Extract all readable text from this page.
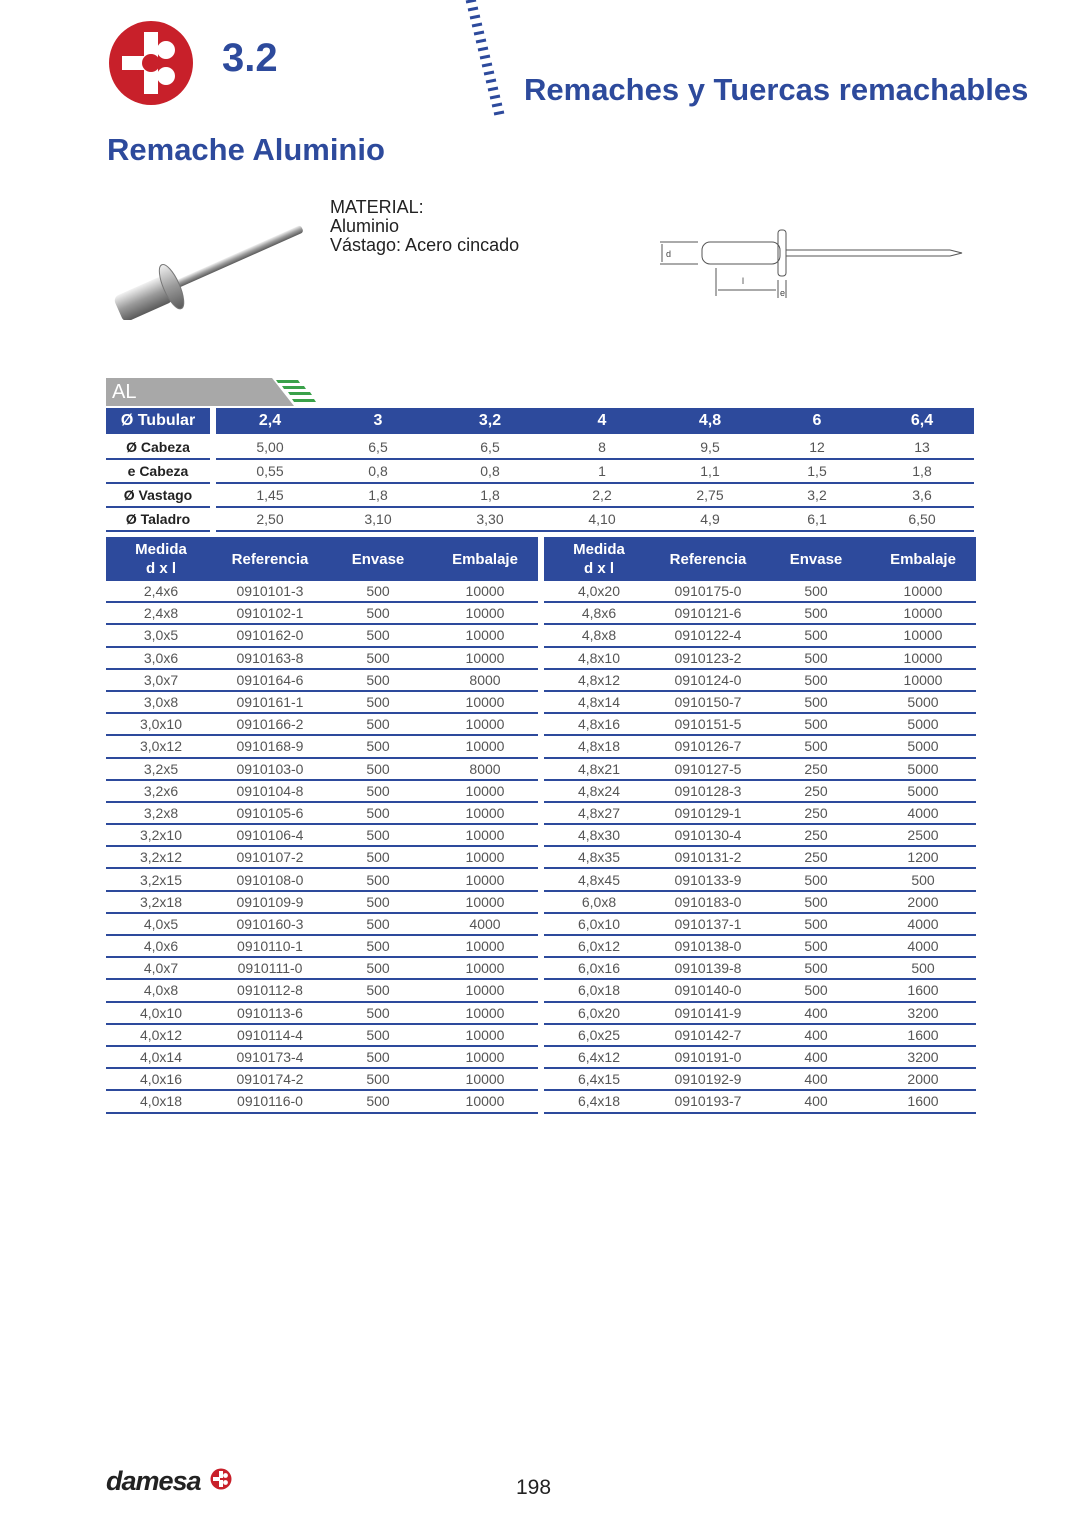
3.2
Remaches y Tuercas remachables
Remache Aluminio
MATERIAL:
Aluminio
Vástago: Acero cincado	d
l
e
AL
Ø Tubular		2,4	3	3,2	4	4,8	6	6,4
Ø Cabeza		5,00	6,5	6,5	8	9,5	12	13
e Cabeza		0,55	0,8	0,8	1	1,1	1,5	1,8
Ø Vastago		1,45	1,8	1,8	2,2	2,75	3,2	3,6
Ø Taladro		2,50	3,10	3,30	4,10	4,9	6,1	6,50
Medida
d x l	Referencia	Envase	Embalaje
2,4x6	0910101-3	500	10000
2,4x8	0910102-1	500	10000
3,0x5	0910162-0	500	10000
3,0x6	0910163-8	500	10000
3,0x7	0910164-6	500	8000
3,0x8	0910161-1	500	10000
3,0x10	0910166-2	500	10000
3,0x12	0910168-9	500	10000
3,2x5	0910103-0	500	8000
3,2x6	0910104-8	500	10000
3,2x8	0910105-6	500	10000
3,2x10	0910106-4	500	10000
3,2x12	0910107-2	500	10000
3,2x15	0910108-0	500	10000
3,2x18	0910109-9	500	10000
4,0x5	0910160-3	500	4000
4,0x6	0910110-1	500	10000
4,0x7	0910111-0	500	10000
4,0x8	0910112-8	500	10000
4,0x10	0910113-6	500	10000
4,0x12	0910114-4	500	10000
4,0x14	0910173-4	500	10000
4,0x16	0910174-2	500	10000
4,0x18	0910116-0	500	10000
Medida
d x l	Referencia	Envase	Embalaje
4,0x20	0910175-0	500	10000
4,8x6	0910121-6	500	10000
4,8x8	0910122-4	500	10000
4,8x10	0910123-2	500	10000
4,8x12	0910124-0	500	10000
4,8x14	0910150-7	500	5000
4,8x16	0910151-5	500	5000
4,8x18	0910126-7	500	5000
4,8x21	0910127-5	250	5000
4,8x24	0910128-3	250	5000
4,8x27	0910129-1	250	4000
4,8x30	0910130-4	250	2500
4,8x35	0910131-2	250	1200
4,8x45	0910133-9	500	500
6,0x8	0910183-0	500	2000
6,0x10	0910137-1	500	4000
6,0x12	0910138-0	500	4000
6,0x16	0910139-8	500	500
6,0x18	0910140-0	500	1600
6,0x20	0910141-9	400	3200
6,0x25	0910142-7	400	1600
6,4x12	0910191-0	400	3200
6,4x15	0910192-9	400	2000
6,4x18	0910193-7	400	1600
damesa	198
